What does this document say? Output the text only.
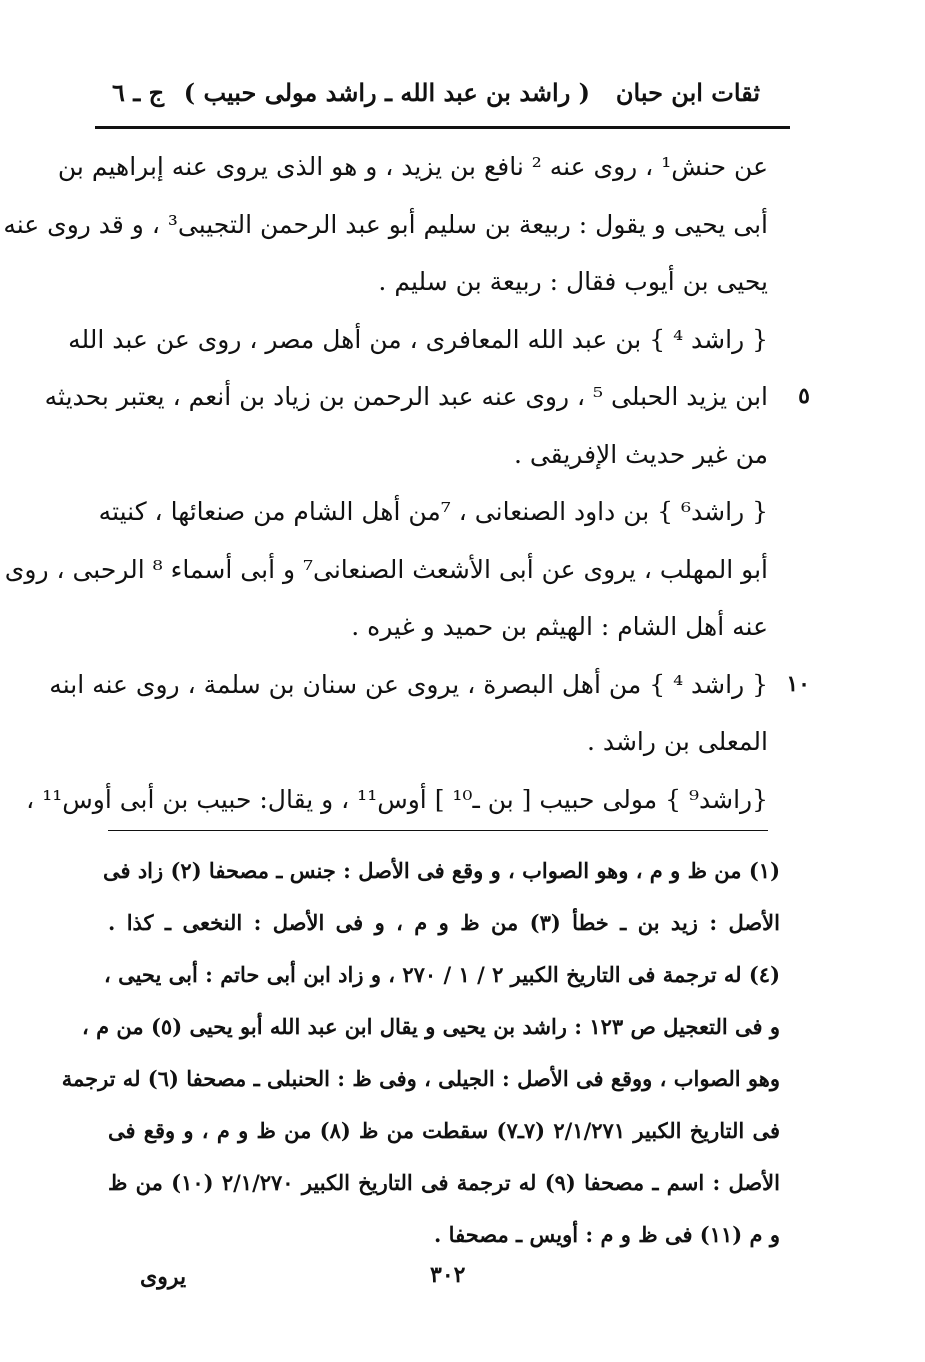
ثقات ابن حبان
( راشد بن عبد الله ـ راشد مولى حبيب )
ج ـ ٦
عن حنش¹ ، روى عنه ² نافع بن يزيد ، و هو الذى يروى عنه إبراهيم بن
أبى يحيى و يقول : ربيعة بن سليم أبو عبد الرحمن التجيبى³ ، و قد روى عنه
يحيى بن أيوب فقال : ربيعة بن سليم .
{ راشد ⁴ } بن عبد الله المعافرى ، من أهل مصر ، روى عن عبد الله
٥
ابن يزيد الحبلى ⁵ ، روى عنه عبد الرحمن بن زياد بن أنعم ، يعتبر بحديثه
من غير حديث الإفريقى .
{ راشد⁶ } بن داود الصنعانى ، ⁷من أهل الشام من صنعائها ، كنيته
أبو المهلب ، يروى عن أبى الأشعث الصنعانى⁷ و أبى أسماء ⁸ الرحبى ، روى
عنه أهل الشام : الهيثم بن حميد و غيره .
١٠
{ راشد ⁴ } من أهل البصرة ، يروى عن سنان بن سلمة ، روى عنه ابنه
المعلى بن راشد .
{راشد⁹ } مولى حبيب [ بن ـ¹⁰ ] أوس¹¹ ، و يقال: حبيب بن أبى أوس¹¹ ،
(١) من ظ و م ، وهو الصواب ، و وقع فى الأصل : جنس ـ مصحفا (٢) زاد فى
الأصل : زيد بن ـ خطأ (٣) من ظ و م ، و فى الأصل : النخعى ـ كذا .
(٤) له ترجمة فى التاريخ الكبير ٢ / ١ / ٢٧٠ ، و زاد ابن أبى حاتم : أبى يحيى ،
و فى التعجيل ص ١٢٣ : راشد بن يحيى و يقال ابن عبد الله أبو يحيى (٥) من م ،
وهو الصواب ، ووقع فى الأصل : الجيلى ، وفى ظ : الحنبلى ـ مصحفا (٦) له ترجمة
فى التاريخ الكبير ٢/١/٢٧١ (٧ـ٧) سقطت من ظ (٨) من ظ و م ، و وقع فى
الأصل : اسم ـ مصحفا (٩) له ترجمة فى التاريخ الكبير ٢/١/٢٧٠ (١٠) من ظ
و م (١١) فى ظ و م : أويس ـ مصحفا .
يروى	٣٠٢
